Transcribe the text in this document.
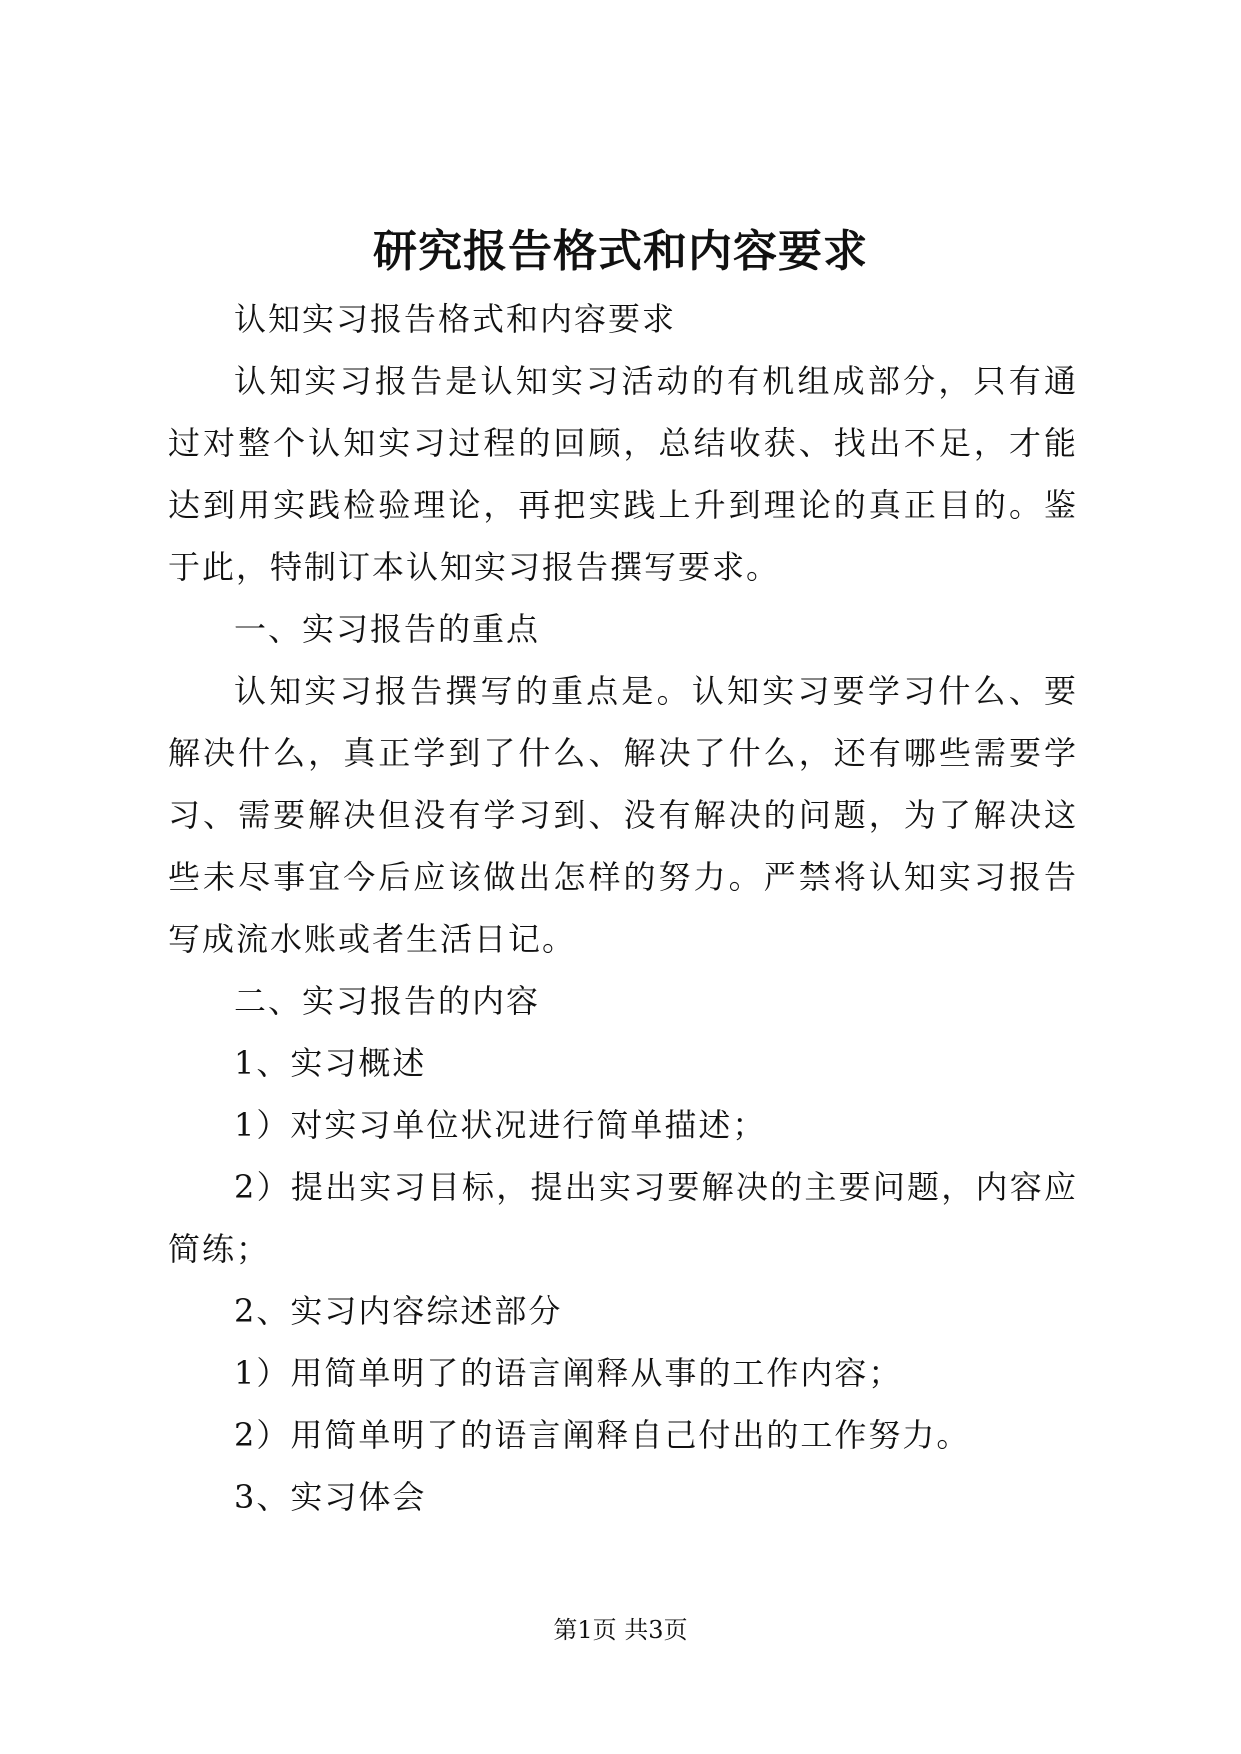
研究报告格式和内容要求

认知实习报告格式和内容要求

认知实习报告是认知实习活动的有机组成部分，只有通过对整个认知实习过程的回顾，总结收获、找出不足，才能达到用实践检验理论，再把实践上升到理论的真正目的。鉴于此，特制订本认知实习报告撰写要求。

一、实习报告的重点

认知实习报告撰写的重点是。认知实习要学习什么、要解决什么，真正学到了什么、解决了什么，还有哪些需要学习、需要解决但没有学习到、没有解决的问题，为了解决这些未尽事宜今后应该做出怎样的努力。严禁将认知实习报告写成流水账或者生活日记。

二、实习报告的内容

1、实习概述

1）对实习单位状况进行简单描述；

2）提出实习目标，提出实习要解决的主要问题，内容应简练；

2、实习内容综述部分

1）用简单明了的语言阐释从事的工作内容；

2）用简单明了的语言阐释自己付出的工作努力。

3、实习体会

第1页 共3页
